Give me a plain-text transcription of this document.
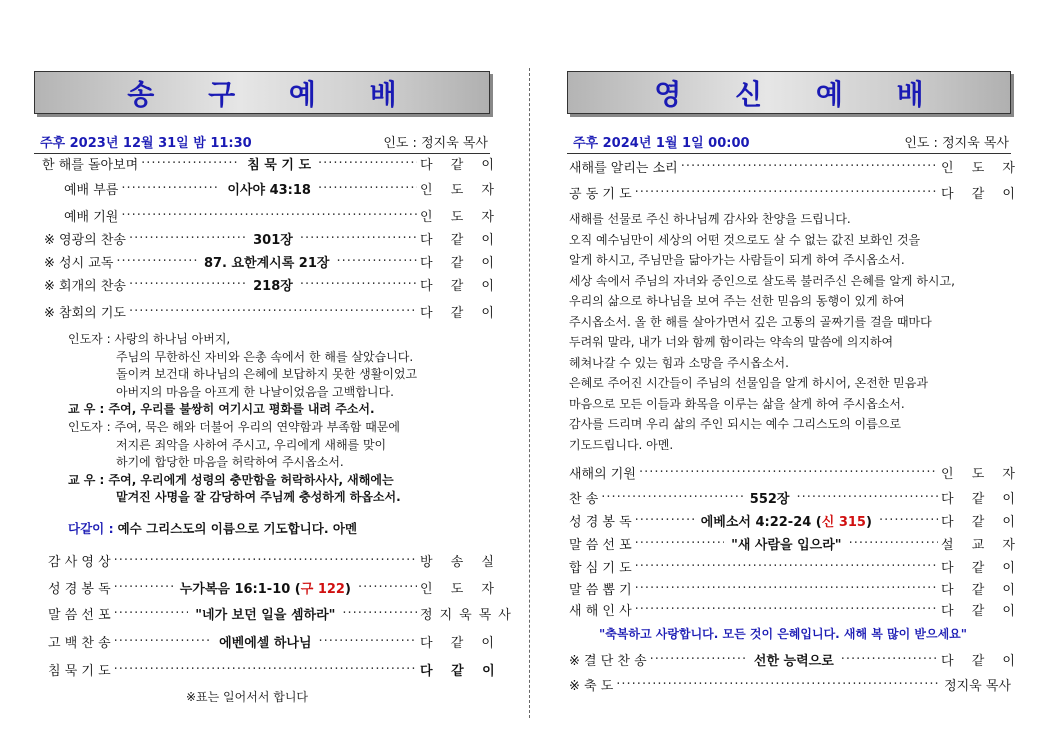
송 구 예 배
주후 2023년 12월 31일 밤 11:30	인도 : 정지욱 목사
한 해를 돌아보며 ·····	침 묵 기 도 ·····	다 같 이
예배 부름 ·····	이사야 43:18 ·····	인 도 자
예배 기원 ·····	인 도 자
※ 영광의 찬송 ·····	301장 ·····	다 같 이
※ 성시 교독 ·····	87. 요한계시록 21장 ·····	다 같 이
※ 회개의 찬송 ·····	218장 ·····	다 같 이
※ 참회의 기도 ·····	다 같 이
인도자 : 사랑의 하나님 아버지,
주님의 무한하신 자비와 은총 속에서 한 해를 살았습니다.
돌이켜 보건대 하나님의 은혜에 보답하지 못한 생활이었고
아버지의 마음을 아프게 한 나날이었음을 고백합니다.
교 우 : 주여, 우리를 불쌍히 여기시고 평화를 내려 주소서.
인도자 : 주여, 묵은 해와 더불어 우리의 연약함과 부족함 때문에
저지른 죄악을 사하여 주시고, 우리에게 새해를 맞이
하기에 합당한 마음을 허락하여 주시옵소서.
교 우 : 주여, 우리에게 성령의 충만함을 허락하사사, 새해에는
맡겨진 사명을 잘 감당하여 주님께 충성하게 하옵소서.
다같이 : 예수 그리스도의 이름으로 기도합니다. 아멘
감 사 영 상 ·····	방 송 실
성 경 봉 독 ·····	누가복음 16:1-10 (구 122) ·····	인 도 자
말 씀 선 포 ·····	"네가 보던 일을 셈하라" ·····	정지욱목사
고 백 찬 송 ·····	에벤에셀 하나님 ·····	다 같 이
침 묵 기 도 ·····	다 같 이
※표는 일어서서 합니다
영 신 예 배
주후 2024년 1월 1일 00:00	인도 : 정지욱 목사
새해를 알리는 소리 ·····	인 도 자
공 동 기 도 ·····	다 같 이
새해를 선물로 주신 하나님께 감사와 찬양을 드립니다.
오직 예수님만이 세상의 어떤 것으로도 살 수 없는 값진 보화인 것을
알게 하시고, 주님만을 닮아가는 사람들이 되게 하여 주시옵소서.
세상 속에서 주님의 자녀와 증인으로 살도록 불러주신 은혜를 알게 하시고,
우리의 삶으로 하나님을 보여 주는 선한 믿음의 동행이 있게 하여
주시옵소서. 올 한 해를 살아가면서 깊은 고통의 골짜기를 걸을 때마다
두려워 말라, 내가 너와 함께 함이라는 약속의 말씀에 의지하여
헤쳐나갈 수 있는 힘과 소망을 주시옵소서.
은혜로 주어진 시간들이 주님의 선물임을 알게 하시어, 온전한 믿음과
마음으로 모든 이들과 화목을 이루는 삶을 살게 하여 주시옵소서.
감사를 드리며 우리 삶의 주인 되시는 예수 그리스도의 이름으로
기도드립니다. 아멘.
새해의 기원 ·····	인 도 자
찬 송 ·····	552장 ·····	다 같 이
성 경 봉 독 ·····	에베소서 4:22-24 (신 315) ·····	다 같 이
말 씀 선 포 ·····	"새 사람을 입으라" ·····	설 교 자
합 심 기 도 ·····	다 같 이
말 씀 뽑 기 ·····	다 같 이
새 해 인 사 ·····	다 같 이
"축복하고 사랑합니다. 모든 것이 은혜입니다. 새해 복 많이 받으세요"
※ 결 단 찬 송 ·····	선한 능력으로 ·····	다 같 이
※ 축 도 ·····	정지욱 목사
